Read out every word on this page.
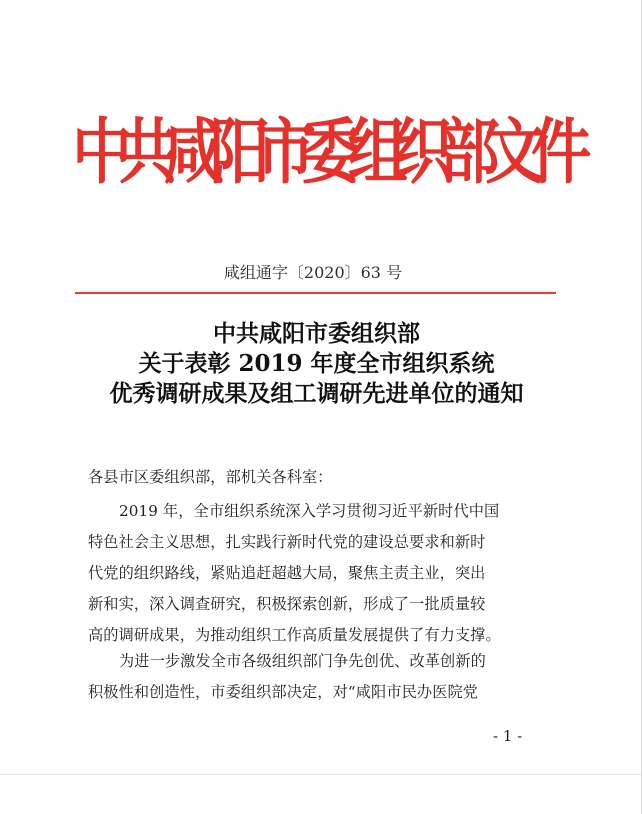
中共咸阳市委组织部文件
咸组通字〔2020〕63 号
中共咸阳市委组织部
关于表彰 2019 年度全市组织系统
优秀调研成果及组工调研先进单位的通知
各县市区委组织部，部机关各科室：
2019 年，全市组织系统深入学习贯彻习近平新时代中国
特色社会主义思想，扎实践行新时代党的建设总要求和新时
代党的组织路线，紧贴追赶超越大局，聚焦主责主业，突出
新和实，深入调查研究，积极探索创新，形成了一批质量较
高的调研成果，为推动组织工作高质量发展提供了有力支撑。
为进一步激发全市各级组织部门争先创优、改革创新的
积极性和创造性，市委组织部决定，对“咸阳市民办医院党
- 1 -
